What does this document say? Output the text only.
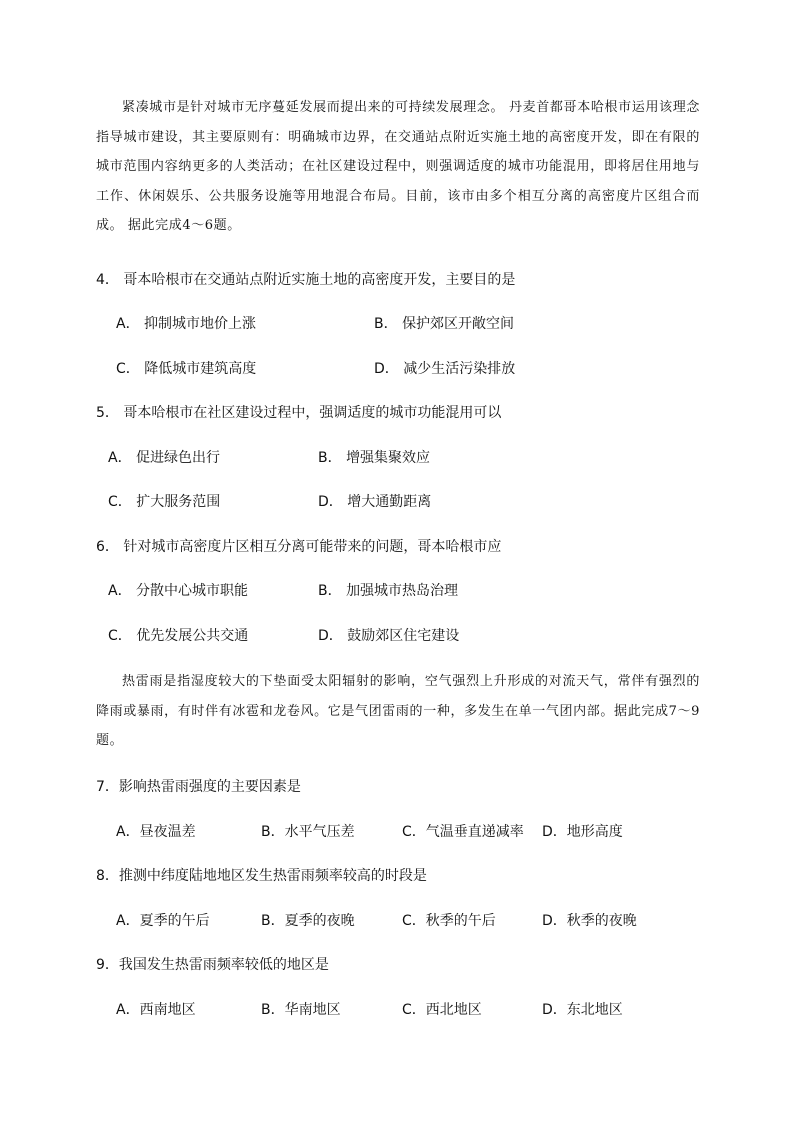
紧凑城市是针对城市无序蔓延发展而提出来的可持续发展理念。 丹麦首都哥本哈根市运用该理念指导城市建设，其主要原则有：明确城市边界，在交通站点附近实施土地的高密度开发，即在有限的城市范围内容纳更多的人类活动；在社区建设过程中，则强调适度的城市功能混用，即将居住用地与工作、休闲娱乐、公共服务设施等用地混合布局。目前，该市由多个相互分离的高密度片区组合而成。 据此完成4～6题。

4． 哥本哈根市在交通站点附近实施土地的高密度开发，主要目的是
A． 抑制城市地价上涨	B． 保护郊区开敞空间
C． 降低城市建筑高度	D． 减少生活污染排放
5． 哥本哈根市在社区建设过程中，强调适度的城市功能混用可以
A． 促进绿色出行	B． 增强集聚效应
C． 扩大服务范围	D． 增大通勤距离
6． 针对城市高密度片区相互分离可能带来的问题，哥本哈根市应
A． 分散中心城市职能	B． 加强城市热岛治理
C． 优先发展公共交通	D． 鼓励郊区住宅建设

热雷雨是指湿度较大的下垫面受太阳辐射的影响，空气强烈上升形成的对流天气，常伴有强烈的降雨或暴雨，有时伴有冰雹和龙卷风。它是气团雷雨的一种，多发生在单一气团内部。据此完成7～9题。

7．影响热雷雨强度的主要因素是
A．昼夜温差	B．水平气压差	C．气温垂直递减率 D．地形高度
8．推测中纬度陆地地区发生热雷雨频率较高的时段是
A．夏季的午后	B．夏季的夜晚	C．秋季的午后	D．秋季的夜晚
9．我国发生热雷雨频率较低的地区是
A．西南地区	B．华南地区	C．西北地区	D．东北地区
